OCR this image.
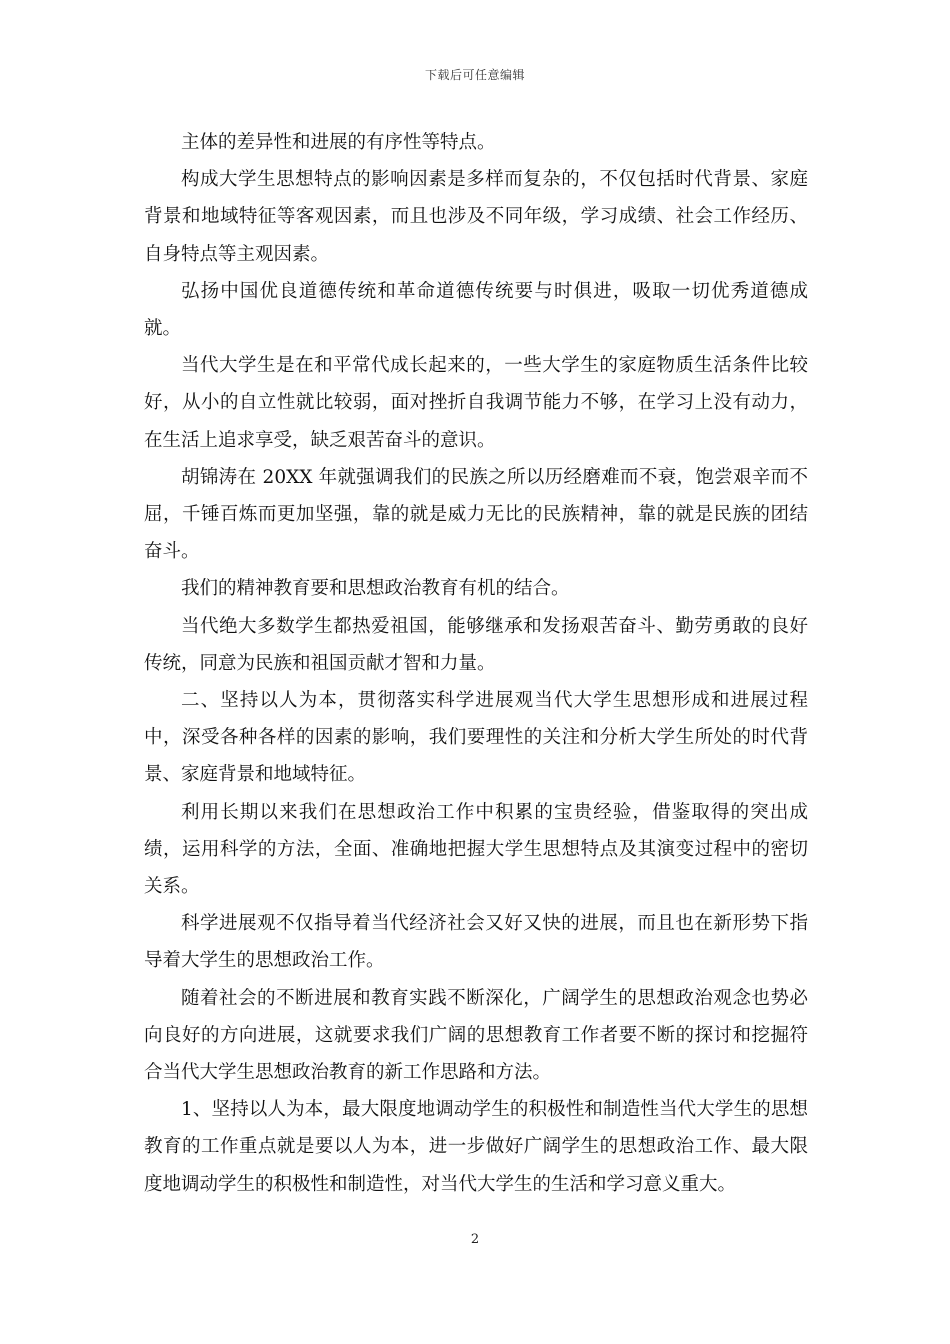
下载后可任意编辑

主体的差异性和进展的有序性等特点。

构成大学生思想特点的影响因素是多样而复杂的，不仅包括时代背景、家庭背景和地域特征等客观因素，而且也涉及不同年级，学习成绩、社会工作经历、自身特点等主观因素。

弘扬中国优良道德传统和革命道德传统要与时俱进，吸取一切优秀道德成就。

当代大学生是在和平常代成长起来的，一些大学生的家庭物质生活条件比较好，从小的自立性就比较弱，面对挫折自我调节能力不够，在学习上没有动力，在生活上追求享受，缺乏艰苦奋斗的意识。

胡锦涛在 20XX 年就强调我们的民族之所以历经磨难而不衰，饱尝艰辛而不屈，千锤百炼而更加坚强，靠的就是威力无比的民族精神，靠的就是民族的团结奋斗。

我们的精神教育要和思想政治教育有机的结合。

当代绝大多数学生都热爱祖国，能够继承和发扬艰苦奋斗、勤劳勇敢的良好传统，同意为民族和祖国贡献才智和力量。

二、坚持以人为本，贯彻落实科学进展观当代大学生思想形成和进展过程中，深受各种各样的因素的影响，我们要理性的关注和分析大学生所处的时代背景、家庭背景和地域特征。

利用长期以来我们在思想政治工作中积累的宝贵经验，借鉴取得的突出成绩，运用科学的方法，全面、准确地把握大学生思想特点及其演变过程中的密切关系。

科学进展观不仅指导着当代经济社会又好又快的进展，而且也在新形势下指导着大学生的思想政治工作。

随着社会的不断进展和教育实践不断深化，广阔学生的思想政治观念也势必向良好的方向进展，这就要求我们广阔的思想教育工作者要不断的探讨和挖掘符合当代大学生思想政治教育的新工作思路和方法。

1、坚持以人为本，最大限度地调动学生的积极性和制造性当代大学生的思想教育的工作重点就是要以人为本，进一步做好广阔学生的思想政治工作、最大限度地调动学生的积极性和制造性，对当代大学生的生活和学习意义重大。

2
